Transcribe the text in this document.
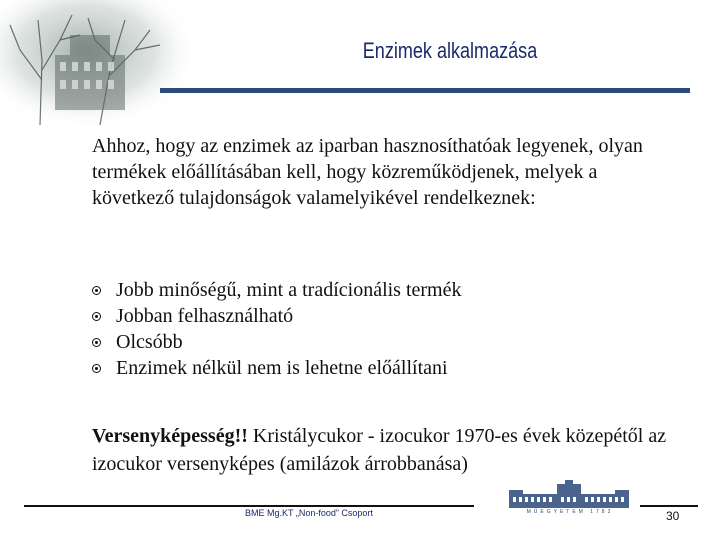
Enzimek alkalmazása
Ahhoz, hogy az enzimek az iparban hasznosíthatóak legyenek, olyan termékek előállításában kell, hogy közreműködjenek, melyek a következő tulajdonságok valamelyikével rendelkeznek:
Jobb minőségű, mint a tradícionális termék
Jobban felhasználható
Olcsóbb
Enzimek nélkül nem is lehetne előállítani
Versenyképesség!! Kristálycukor - izocukor 1970-es évek közepétől az izocukor versenyképes (amilázok árrobbanása)
BME Mg.KT „Non-food” Csoport	MŰEGYETEM 1782	30
